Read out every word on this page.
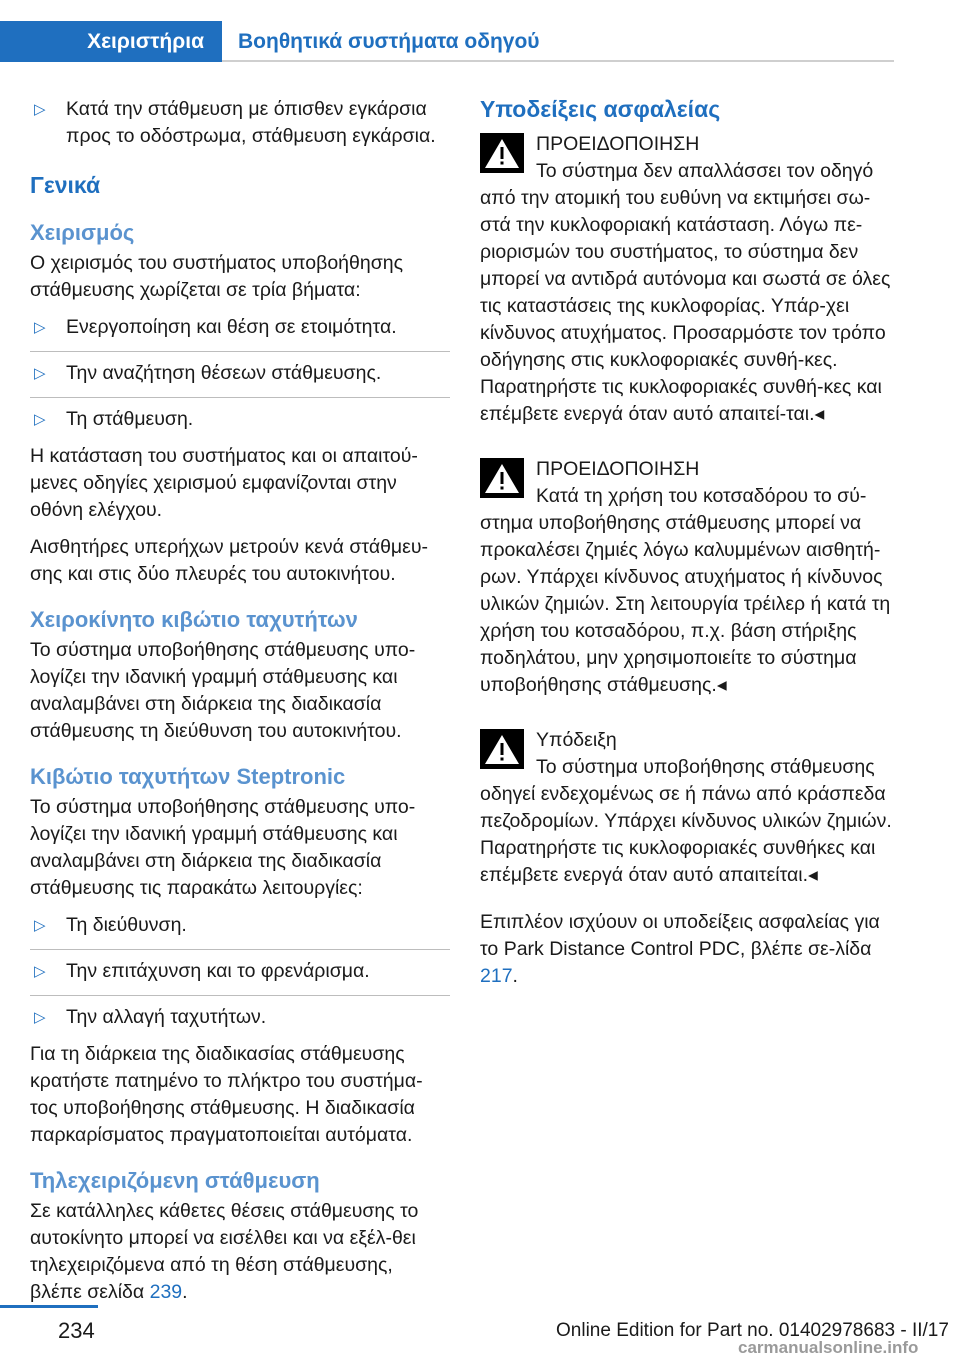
Χειριστήρια	Βοηθητικά συστήματα οδηγού
▷ Κατά την στάθμευση με όπισθεν εγκάρσια προς το οδόστρωμα, στάθμευση εγκάρσια.
Γενικά
Χειρισμός

Ο χειρισμός του συστήματος υποβοήθησης στάθμευσης χωρίζεται σε τρία βήματα:

▷ Ενεργοποίηση και θέση σε ετοιμότητα.
▷ Την αναζήτηση θέσεων στάθμευσης.
▷ Τη στάθμευση.

Η κατάσταση του συστήματος και οι απαιτού-μενες οδηγίες χειρισμού εμφανίζονται στην οθόνη ελέγχου.

Αισθητήρες υπερήχων μετρούν κενά στάθμευ-σης και στις δύο πλευρές του αυτοκινήτου.

Χειροκίνητο κιβώτιο ταχυτήτων

Το σύστημα υποβοήθησης στάθμευσης υπο-λογίζει την ιδανική γραμμή στάθμευσης και αναλαμβάνει στη διάρκεια της διαδικασία στάθμευσης τη διεύθυνση του αυτοκινήτου.

Κιβώτιο ταχυτήτων Steptronic

Το σύστημα υποβοήθησης στάθμευσης υπο-λογίζει την ιδανική γραμμή στάθμευσης και αναλαμβάνει στη διάρκεια της διαδικασία στάθμευσης τις παρακάτω λειτουργίες:

▷ Τη διεύθυνση.
▷ Την επιτάχυνση και το φρενάρισμα.
▷ Την αλλαγή ταχυτήτων.

Για τη διάρκεια της διαδικασίας στάθμευσης κρατήστε πατημένο το πλήκτρο του συστήμα-τος υποβοήθησης στάθμευσης. Η διαδικασία παρκαρίσματος πραγματοποιείται αυτόματα.

Τηλεχειριζόμενη στάθμευση

Σε κατάλληλες κάθετες θέσεις στάθμευσης το αυτοκίνητο μπορεί να εισέλθει και να εξέλ-θει τηλεχειριζόμενα από τη θέση στάθμευσης, βλέπε σελίδα 239.

Υποδείξεις ασφαλείας
ΠΡΟΕΙΔΟΠΟΙΗΣΗ
Το σύστημα δεν απαλλάσσει τον οδηγό από την ατομική του ευθύνη να εκτιμήσει σω-στά την κυκλοφοριακή κατάσταση. Λόγω πε-ριορισμών του συστήματος, το σύστημα δεν μπορεί να αντιδρά αυτόνομα και σωστά σε όλες τις καταστάσεις της κυκλοφορίας. Υπάρ-χει κίνδυνος ατυχήματος. Προσαρμόστε τον τρόπο οδήγησης στις κυκλοφοριακές συνθή-κες. Παρατηρήστε τις κυκλοφοριακές συνθή-κες και επέμβετε ενεργά όταν αυτό απαιτεί-ται.◂
ΠΡΟΕΙΔΟΠΟΙΗΣΗ
Κατά τη χρήση του κοτσαδόρου το σύ-στημα υποβοήθησης στάθμευσης μπορεί να προκαλέσει ζημιές λόγω καλυμμένων αισθητή-ρων. Υπάρχει κίνδυνος ατυχήματος ή κίνδυνος υλικών ζημιών. Στη λειτουργία τρέιλερ ή κατά τη χρήση του κοτσαδόρου, π.χ. βάση στήριξης ποδηλάτου, μην χρησιμοποιείτε το σύστημα υποβοήθησης στάθμευσης.◂
Υπόδειξη
Το σύστημα υποβοήθησης στάθμευσης οδηγεί ενδεχομένως σε ή πάνω από κράσπεδα πεζοδρομίων. Υπάρχει κίνδυνος υλικών ζημιών. Παρατηρήστε τις κυκλοφοριακές συνθήκες και επέμβετε ενεργά όταν αυτό απαιτείται.◂

Επιπλέον ισχύουν οι υποδείξεις ασφαλείας για το Park Distance Control PDC, βλέπε σε-λίδα 217.

234	Online Edition for Part no. 01402978683 - II/17
carmanualsonline.info
